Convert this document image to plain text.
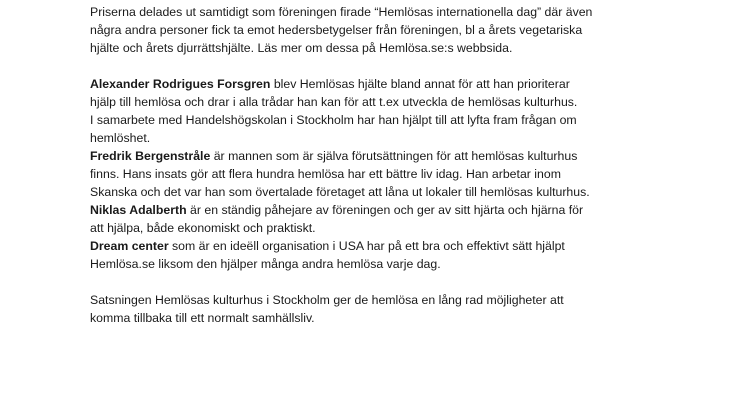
Priserna delades ut samtidigt som föreningen firade “Hemlösas internationella dag” där även
några andra personer fick ta emot hedersbetygelser från föreningen, bl a årets vegetariska
hjälte och årets djurrättshjälte. Läs mer om dessa på Hemlösa.se:s webbsida.

Alexander Rodrigues Forsgren blev Hemlösas hjälte bland annat för att han prioriterar
hjälp till hemlösa och drar i alla trådar han kan för att t.ex utveckla de hemlösas kulturhus.
I samarbete med Handelshögskolan i Stockholm har han hjälpt till att lyfta fram frågan om
hemlöshet.

Fredrik Bergenstråle är mannen som är själva förutsättningen för att hemlösas kulturhus
finns. Hans insats gör att flera hundra hemlösa har ett bättre liv idag. Han arbetar inom
Skanska och det var han som övertalade företaget att låna ut lokaler till hemlösas kulturhus.

Niklas Adalberth är en ständig påhejare av föreningen och ger av sitt hjärta och hjärna för
att hjälpa, både ekonomiskt och praktiskt.

Dream center som är en ideëll organisation i USA har på ett bra och effektivt sätt hjälpt
Hemlösa.se liksom den hjälper många andra hemlösa varje dag.

Satsningen Hemlösas kulturhus i Stockholm ger de hemlösa en lång rad möjligheter att
komma tillbaka till ett normalt samhällsliv.
